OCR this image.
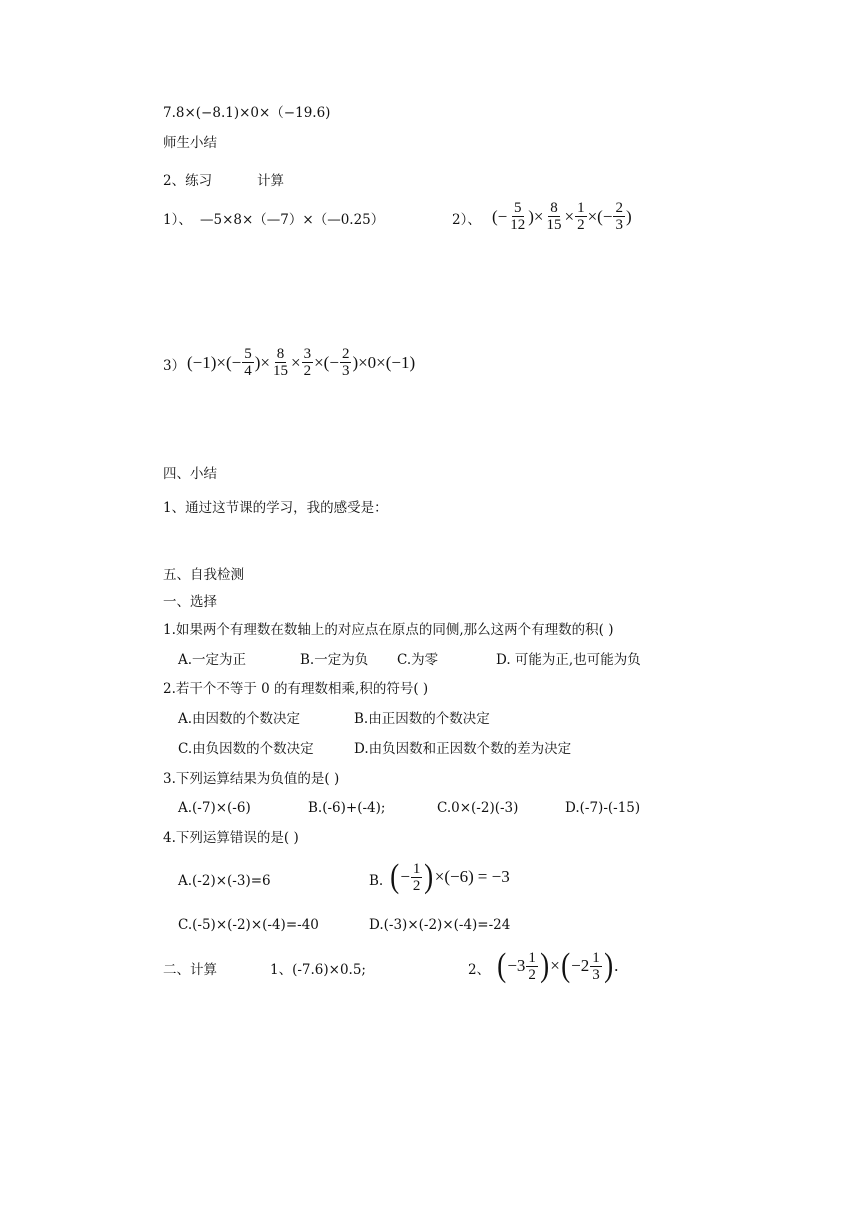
7.8×(−8.1)×0×（−19.6)
师生小结
2、练习	计算
1）、 —5×8×（—7）×（—0.25）	2）、 (− $\frac{5}{12}$ )× $\frac{8}{15} \times \frac{1}{2}$ ×(− $\frac{2}{3}$ )
3） $(-1)\times(- \frac{5}{4}$ )× $\frac{8}{15} \times \frac{3}{2}$ ×(− $\frac{2}{3} )\times 0\times(-1)$
四、小结
1、通过这节课的学习，我的感受是：
五、自我检测
一、选择
1.如果两个有理数在数轴上的对应点在原点的同侧,那么这两个有理数的积( )
A.一定为正	B.一定为负 C.为零	D. 可能为正,也可能为负
2.若干个不等于 0 的有理数相乘,积的符号( )
A.由因数的个数决定	B.由正因数的个数决定
C.由负因数的个数决定	D.由负因数和正因数个数的差为决定
3.下列运算结果为负值的是( )
A.(-7)×(-6)	B.(-6)+(-4);	C.0×(-2)(-3)	D.(-7)-(-15)
4.下列运算错误的是( )
A.(-2)×(-3)=6	B. ( − $\frac{1}{2}$ ) × (−6) = −3
C.(-5)×(-2)×(-4)=-40	D.(-3)×(-2)×(-4)=-24
二、计算	1、(-7.6)×0.5;	2、 ( $-3 \frac{1}{2}$ ) × ( $-2 \frac{1}{3}$ ) .
